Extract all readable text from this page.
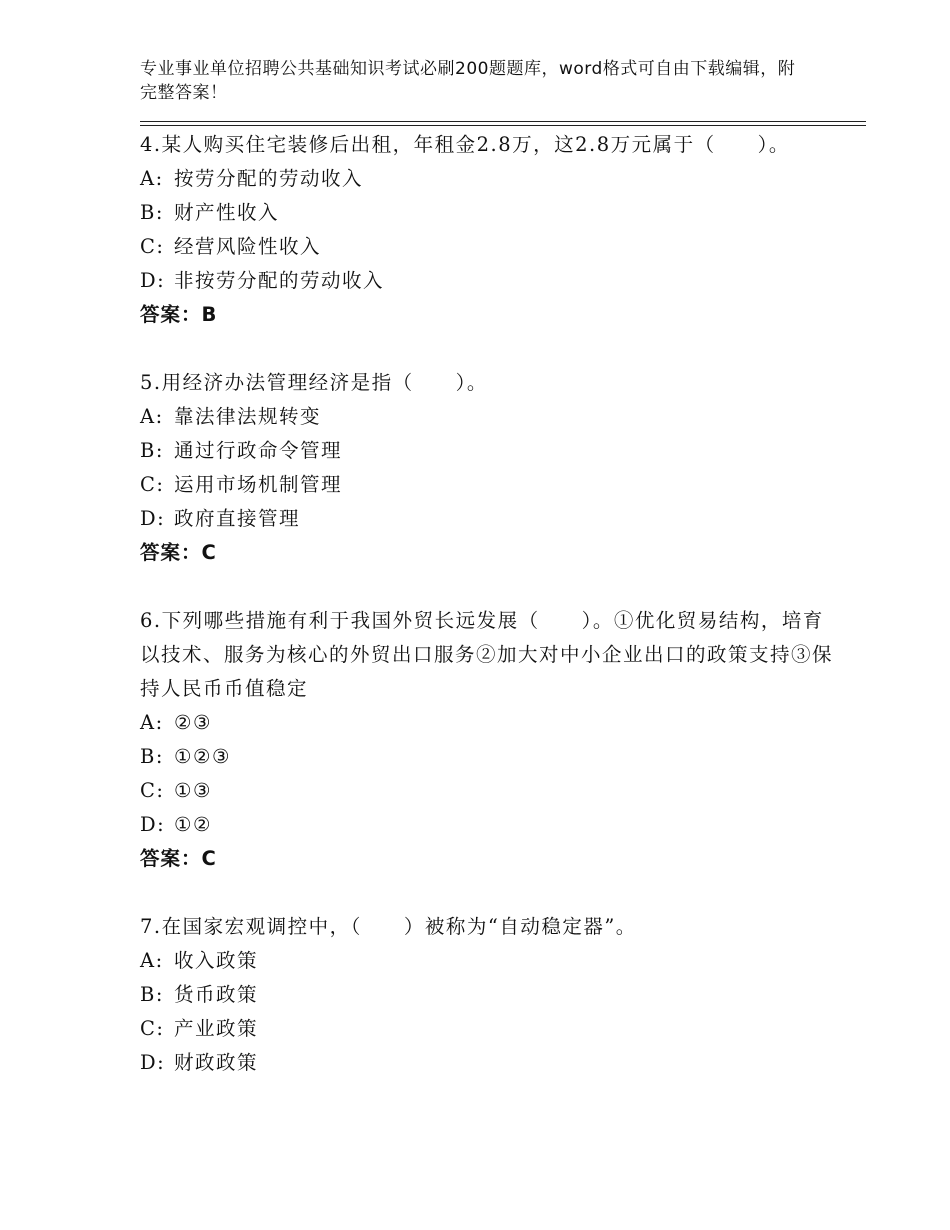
专业事业单位招聘公共基础知识考试必刷200题题库，word格式可自由下载编辑，附完整答案！

4.某人购买住宅装修后出租，年租金2.8万，这2.8万元属于（　　）。

A: 按劳分配的劳动收入
B: 财产性收入
C: 经营风险性收入
D: 非按劳分配的劳动收入
答案：B

5.用经济办法管理经济是指（　　）。

A: 靠法律法规转变
B: 通过行政命令管理
C: 运用市场机制管理
D: 政府直接管理
答案：C

6.下列哪些措施有利于我国外贸长远发展（　　）。①优化贸易结构，培育以技术、服务为核心的外贸出口服务②加大对中小企业出口的政策支持③保持人民币币值稳定

A: ②③
B: ①②③
C: ①③
D: ①②
答案：C

7.在国家宏观调控中，（　　）被称为“自动稳定器”。

A: 收入政策
B: 货币政策
C: 产业政策
D: 财政政策
